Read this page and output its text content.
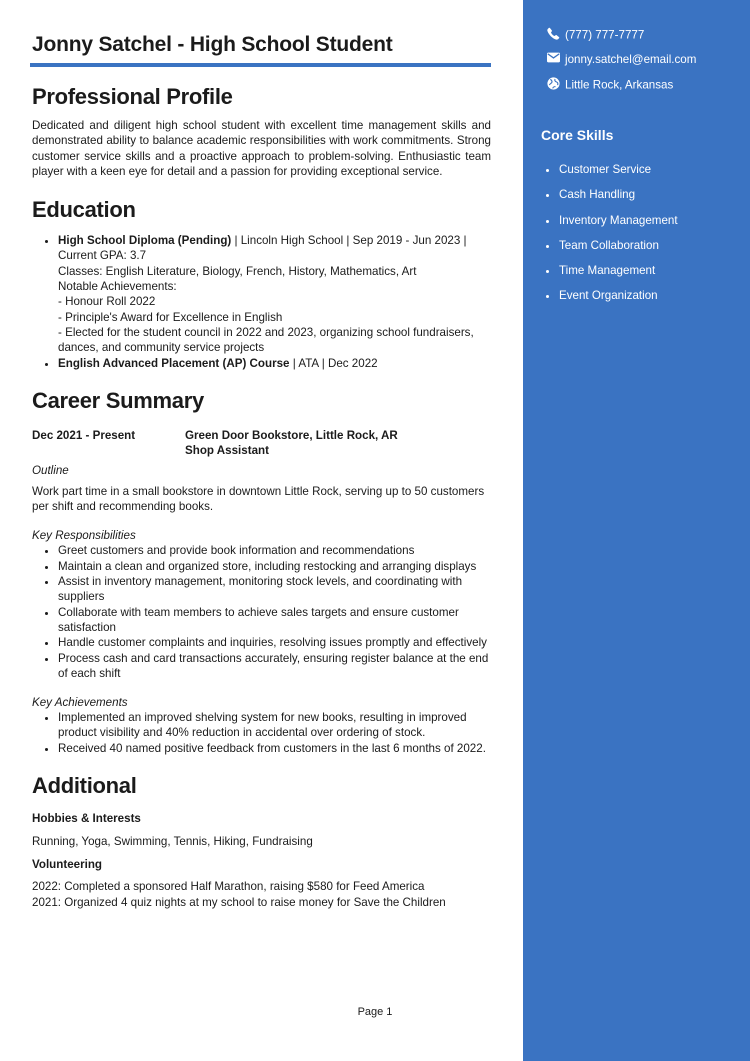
Jonny Satchel - High School Student
Professional Profile

Dedicated and diligent high school student with excellent time management skills and demonstrated ability to balance academic responsibilities with work commitments. Strong customer service skills and a proactive approach to problem-solving. Enthusiastic team player with a keen eye for detail and a passion for providing exceptional service.

Education
• High School Diploma (Pending) | Lincoln High School | Sep 2019 - Jun 2023 |
Current GPA: 3.7
Classes: English Literature, Biology, French, History, Mathematics, Art
Notable Achievements:
- Honour Roll 2022
- Principle's Award for Excellence in English
- Elected for the student council in 2022 and 2023, organizing school fundraisers, dances, and community service projects
• English Advanced Placement (AP) Course | ATA | Dec 2022
Career Summary
Dec 2021 - Present	Green Door Bookstore, Little Rock, AR
Shop Assistant

Outline

Work part time in a small bookstore in downtown Little Rock, serving up to 50 customers per shift and recommending books.

Key Responsibilities

• Greet customers and provide book information and recommendations
• Maintain a clean and organized store, including restocking and arranging displays
• Assist in inventory management, monitoring stock levels, and coordinating with suppliers
• Collaborate with team members to achieve sales targets and ensure customer satisfaction
• Handle customer complaints and inquiries, resolving issues promptly and effectively
• Process cash and card transactions accurately, ensuring register balance at the end of each shift

Key Achievements

• Implemented an improved shelving system for new books, resulting in improved product visibility and 40% reduction in accidental over ordering of stock.
• Received 40 named positive feedback from customers in the last 6 months of 2022.
Additional

Hobbies & Interests

Running, Yoga, Swimming, Tennis, Hiking, Fundraising

Volunteering

2022: Completed a sponsored Half Marathon, raising $580 for Feed America

2021: Organized 4 quiz nights at my school to raise money for Save the Children

Page 1
(777) 777-7777
jonny.satchel@email.com
Little Rock, Arkansas
Core Skills
• Customer Service
• Cash Handling
• Inventory Management
• Team Collaboration
• Time Management
• Event Organization
